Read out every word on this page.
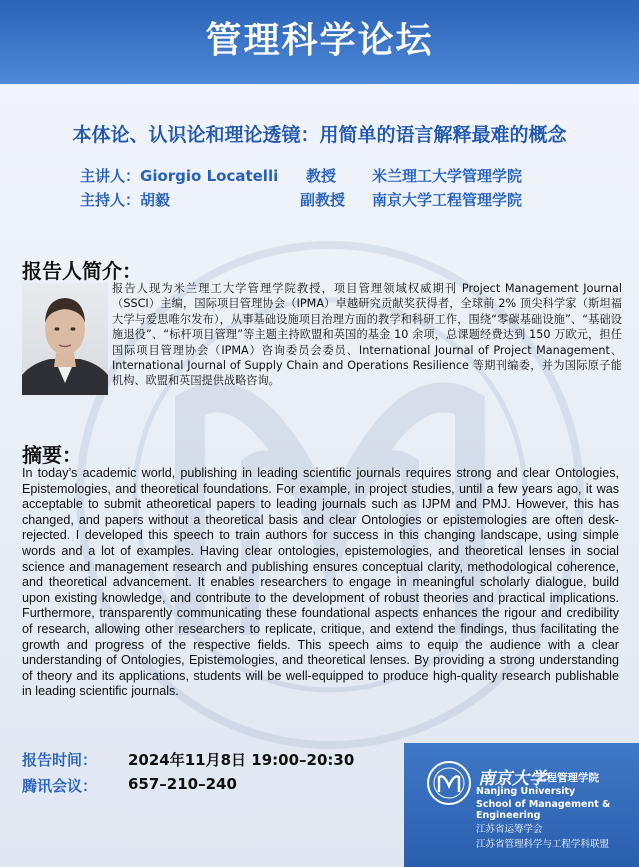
管理科学论坛
本体论、认识论和理论透镜：用简单的语言解释最难的概念
主讲人：Giorgio Locatelli 教授 米兰理工大学管理学院
主持人：胡毅	副教授 南京大学工程管理学院
报告人简介：
报告人现为米兰理工大学管理学院教授，项目管理领域权威期刊 Project Management Journal（SSCI）主编，国际项目管理协会（IPMA）卓越研究贡献奖获得者，全球前 2% 顶尖科学家（斯坦福大学与爱思唯尔发布），从事基础设施项目治理方面的教学和科研工作，围绕“零碳基础设施”、“基础设施退役”、“标杆项目管理”等主题主持欧盟和英国的基金 10 余项，总课题经费达到 150 万欧元，担任国际项目管理协会（IPMA）咨询委员会委员、International Journal of Project Management、International Journal of Supply Chain and Operations Resilience 等期刊编委，并为国际原子能机构、欧盟和英国提供战略咨询。
摘要：
In today’s academic world, publishing in leading scientific journals requires strong and clear Ontologies, Epistemologies, and theoretical foundations. For example, in project studies, until a few years ago, it was acceptable to submit atheoretical papers to leading journals such as IJPM and PMJ. However, this has changed, and papers without a theoretical basis and clear Ontologies or epistemologies are often desk-rejected. I developed this speech to train authors for success in this changing landscape, using simple words and a lot of examples. Having clear ontologies, epistemologies, and theoretical lenses in social science and management research and publishing ensures conceptual clarity, methodological coherence, and theoretical advancement. It enables researchers to engage in meaningful scholarly dialogue, build upon existing knowledge, and contribute to the development of robust theories and practical implications. Furthermore, transparently communicating these foundational aspects enhances the rigour and credibility of research, allowing other researchers to replicate, critique, and extend the findings, thus facilitating the growth and progress of the respective fields. This speech aims to equip the audience with a clear understanding of Ontologies, Epistemologies, and theoretical lenses. By providing a strong understanding of theory and its applications, students will be well-equipped to produce high-quality research publishable in leading scientific journals.
报告时间： 2024年11月8日 19:00–20:30
腾讯会议： 657–210–240	南京大学
工程管理学院
Nanjing University
School of Management & Engineering
江苏省运筹学会
江苏省管理科学与工程学科联盟
